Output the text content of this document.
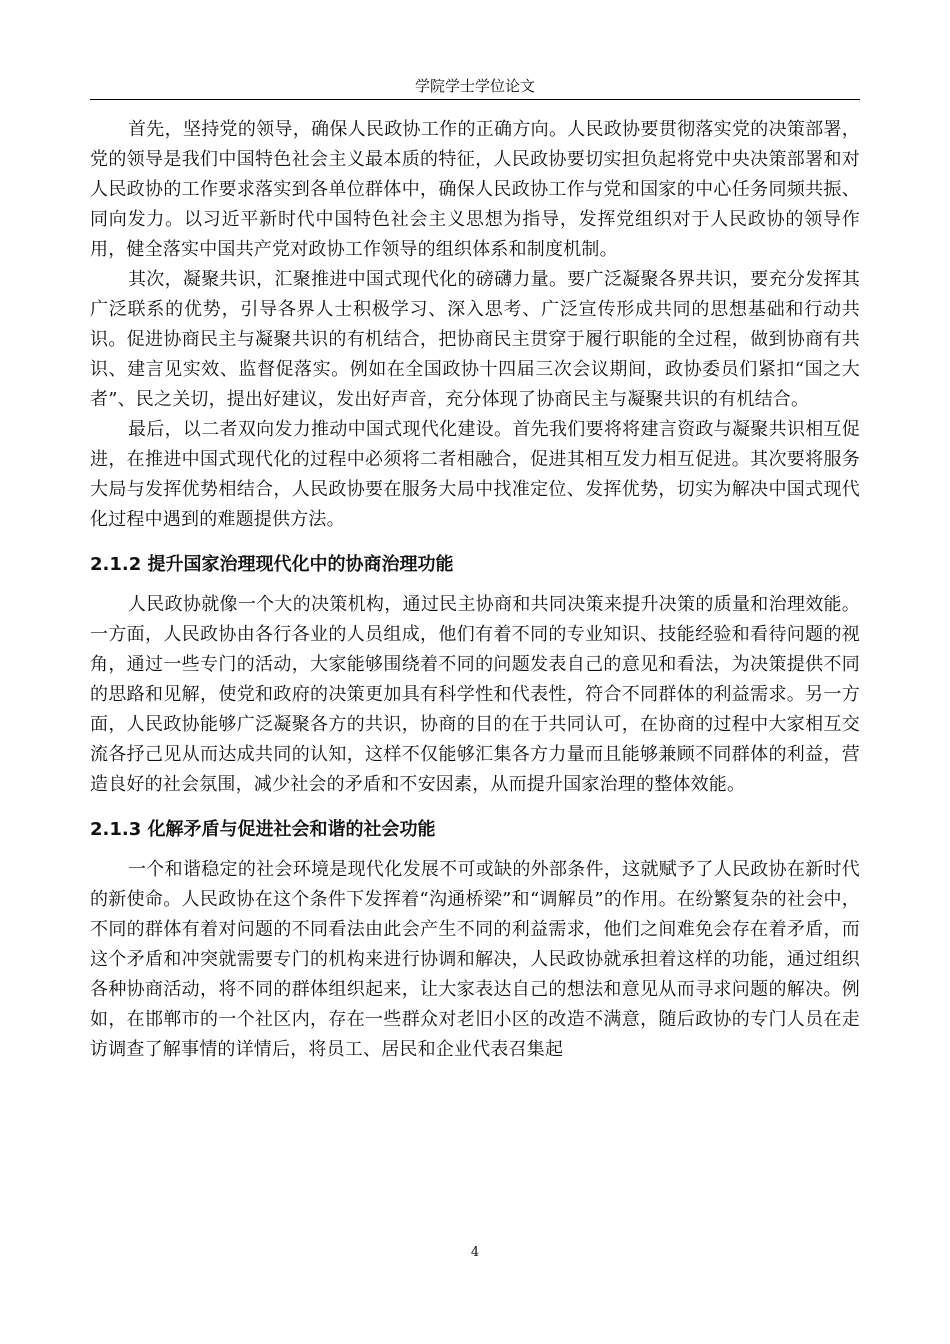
学院学士学位论文

首先，坚持党的领导，确保人民政协工作的正确方向。人民政协要贯彻落实党的决策部署，党的领导是我们中国特色社会主义最本质的特征，人民政协要切实担负起将党中央决策部署和对人民政协的工作要求落实到各单位群体中，确保人民政协工作与党和国家的中心任务同频共振、同向发力。以习近平新时代中国特色社会主义思想为指导，发挥党组织对于人民政协的领导作用，健全落实中国共产党对政协工作领导的组织体系和制度机制。

其次，凝聚共识，汇聚推进中国式现代化的磅礴力量。要广泛凝聚各界共识，要充分发挥其广泛联系的优势，引导各界人士积极学习、深入思考、广泛宣传形成共同的思想基础和行动共识。促进协商民主与凝聚共识的有机结合，把协商民主贯穿于履行职能的全过程，做到协商有共识、建言见实效、监督促落实。例如在全国政协十四届三次会议期间，政协委员们紧扣“国之大者”、民之关切，提出好建议，发出好声音，充分体现了协商民主与凝聚共识的有机结合。

最后，以二者双向发力推动中国式现代化建设。首先我们要将将建言资政与凝聚共识相互促进，在推进中国式现代化的过程中必须将二者相融合，促进其相互发力相互促进。其次要将服务大局与发挥优势相结合，人民政协要在服务大局中找准定位、发挥优势，切实为解决中国式现代化过程中遇到的难题提供方法。

2.1.2 提升国家治理现代化中的协商治理功能

人民政协就像一个大的决策机构，通过民主协商和共同决策来提升决策的质量和治理效能。一方面，人民政协由各行各业的人员组成，他们有着不同的专业知识、技能经验和看待问题的视角，通过一些专门的活动，大家能够围绕着不同的问题发表自己的意见和看法，为决策提供不同的思路和见解，使党和政府的决策更加具有科学性和代表性，符合不同群体的利益需求。另一方面，人民政协能够广泛凝聚各方的共识，协商的目的在于共同认可，在协商的过程中大家相互交流各抒己见从而达成共同的认知，这样不仅能够汇集各方力量而且能够兼顾不同群体的利益，营造良好的社会氛围，减少社会的矛盾和不安因素，从而提升国家治理的整体效能。

2.1.3 化解矛盾与促进社会和谐的社会功能

一个和谐稳定的社会环境是现代化发展不可或缺的外部条件，这就赋予了人民政协在新时代的新使命。人民政协在这个条件下发挥着“沟通桥梁”和“调解员”的作用。在纷繁复杂的社会中，不同的群体有着对问题的不同看法由此会产生不同的利益需求，他们之间难免会存在着矛盾，而这个矛盾和冲突就需要专门的机构来进行协调和解决，人民政协就承担着这样的功能，通过组织各种协商活动，将不同的群体组织起来，让大家表达自己的想法和意见从而寻求问题的解决。例如，在邯郸市的一个社区内，存在一些群众对老旧小区的改造不满意，随后政协的专门人员在走访调查了解事情的详情后，将员工、居民和企业代表召集起

4
